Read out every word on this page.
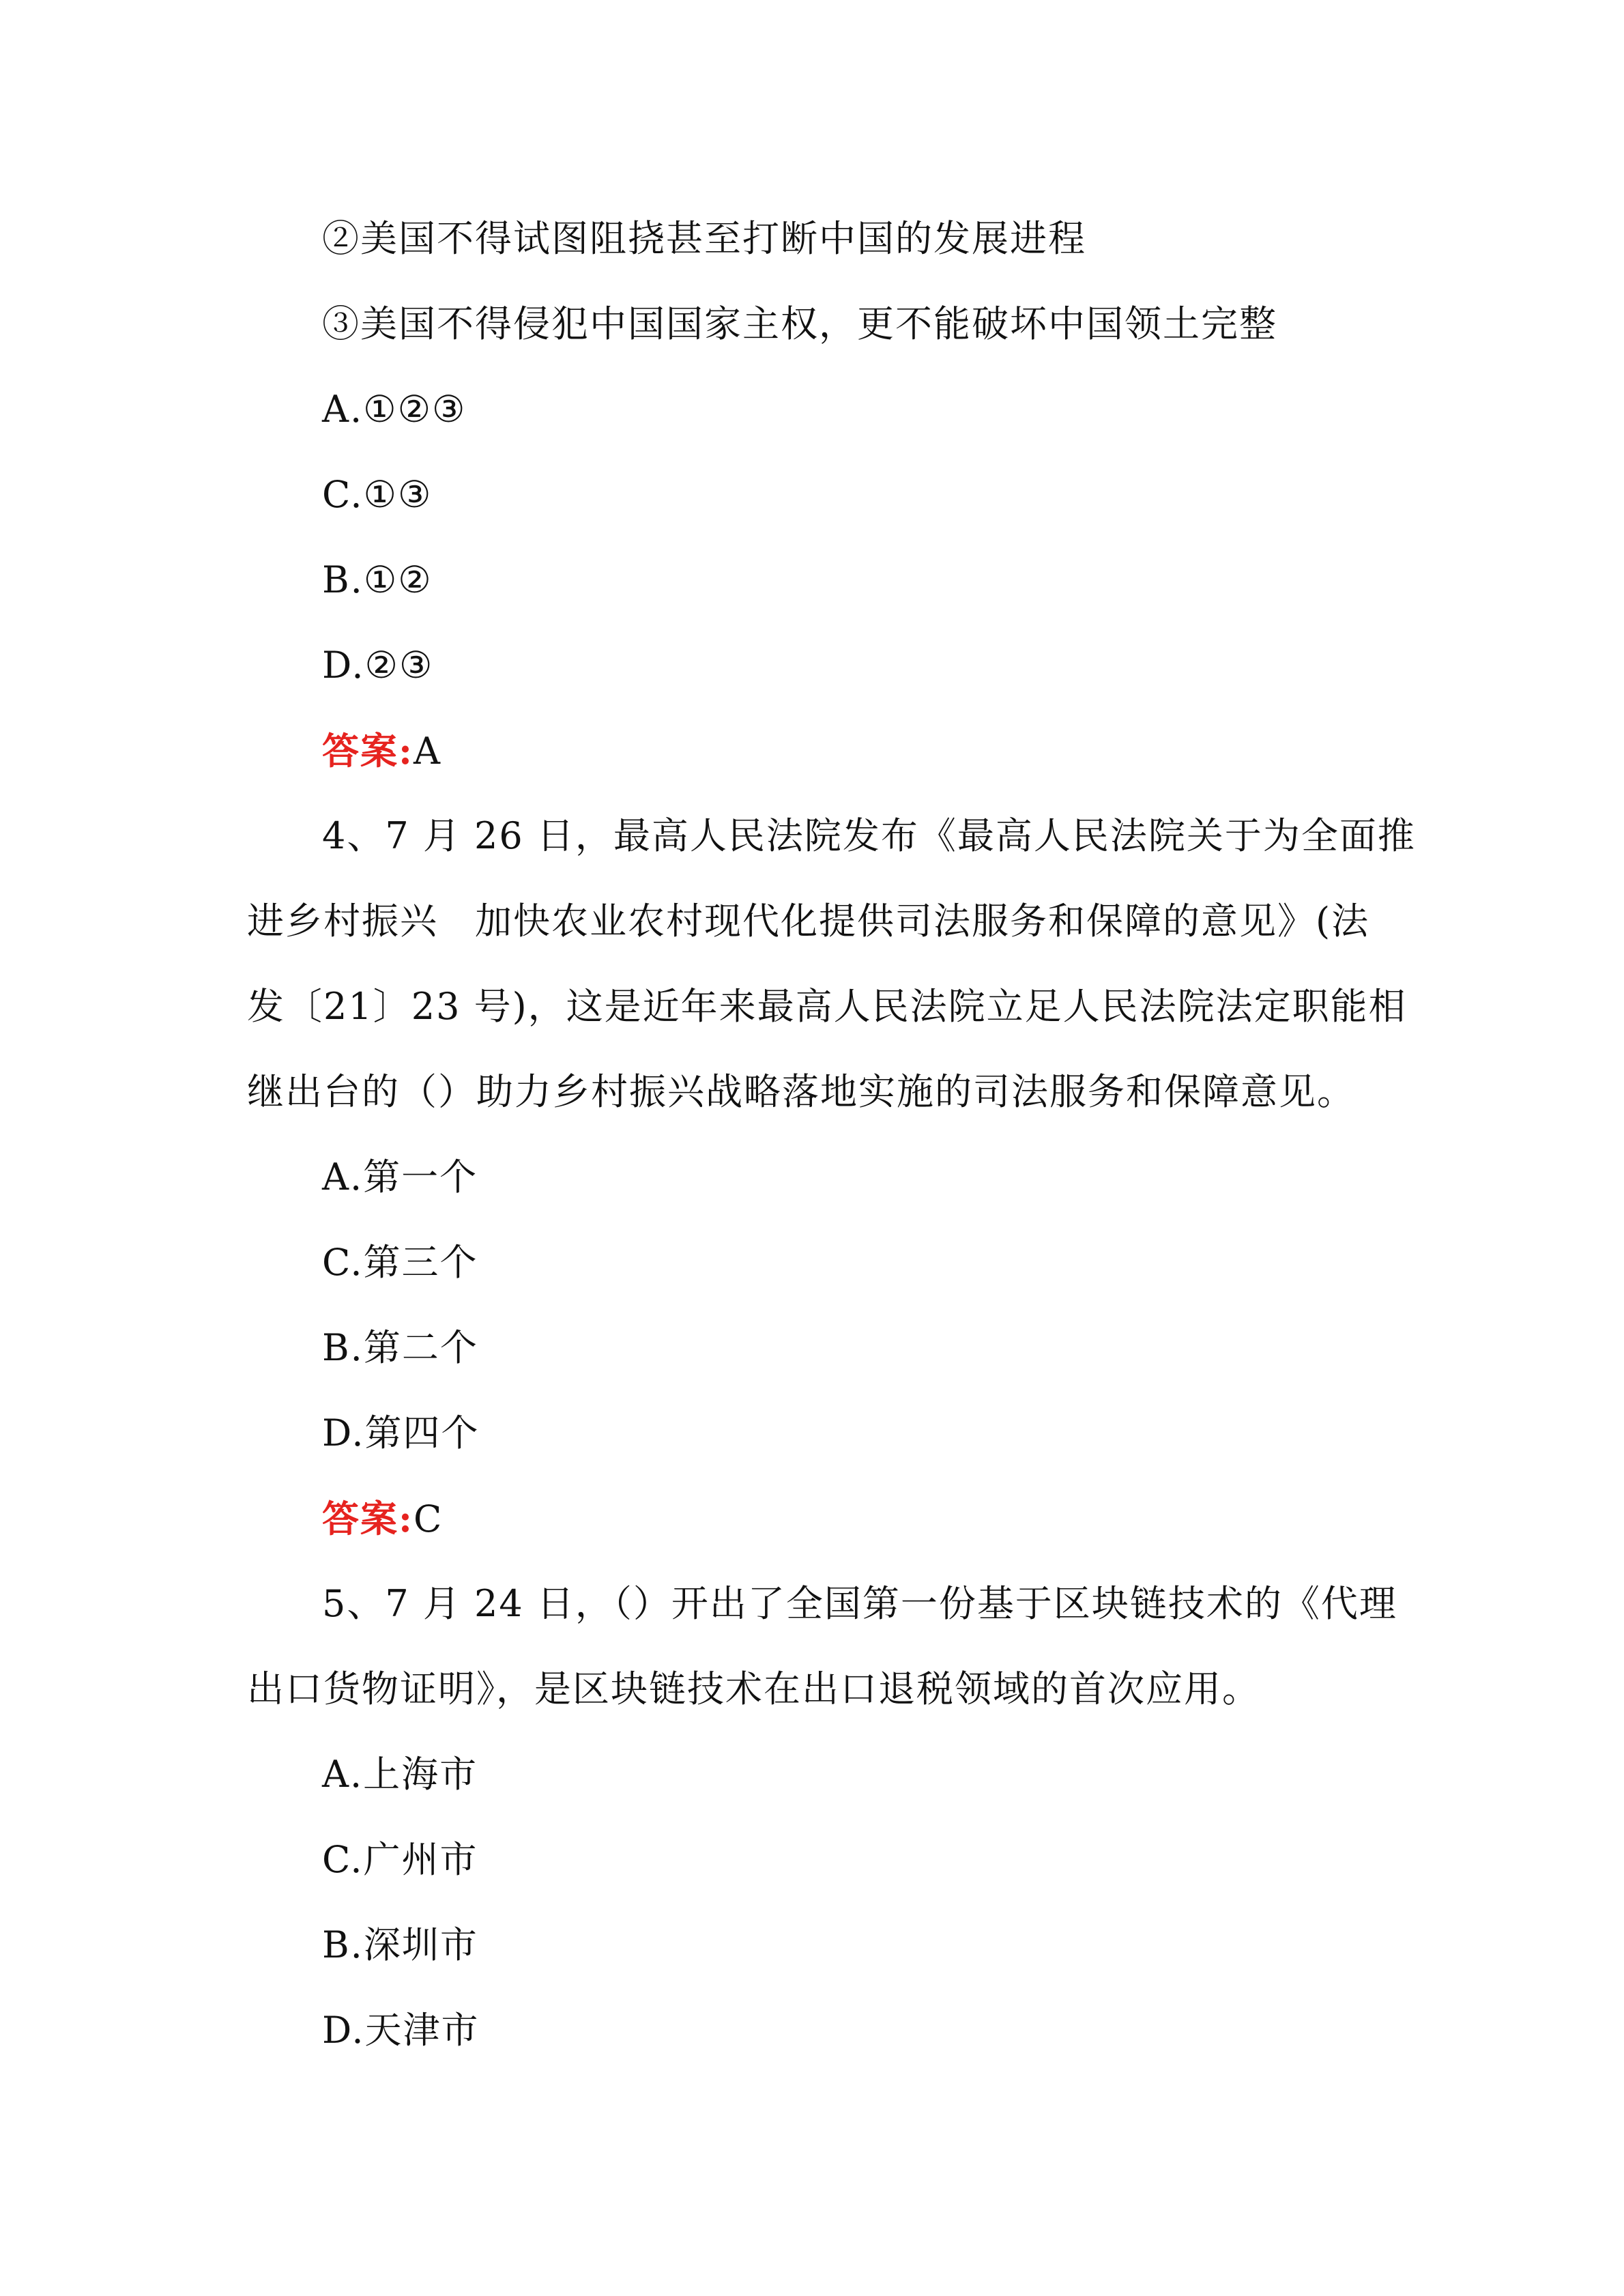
②美国不得试图阻挠甚至打断中国的发展进程
③美国不得侵犯中国国家主权，更不能破坏中国领土完整
A.①②③
C.①③
B.①②
D.②③
答案:A
4、7 月 26 日，最高人民法院发布《最高人民法院关于为全面推
进乡村振兴 加快农业农村现代化提供司法服务和保障的意见》(法
发〔21〕23 号)，这是近年来最高人民法院立足人民法院法定职能相
继出台的（）助力乡村振兴战略落地实施的司法服务和保障意见。
A.第一个
C.第三个
B.第二个
D.第四个
答案:C
5、7 月 24 日，（）开出了全国第一份基于区块链技术的《代理
出口货物证明》，是区块链技术在出口退税领域的首次应用。
A.上海市
C.广州市
B.深圳市
D.天津市
